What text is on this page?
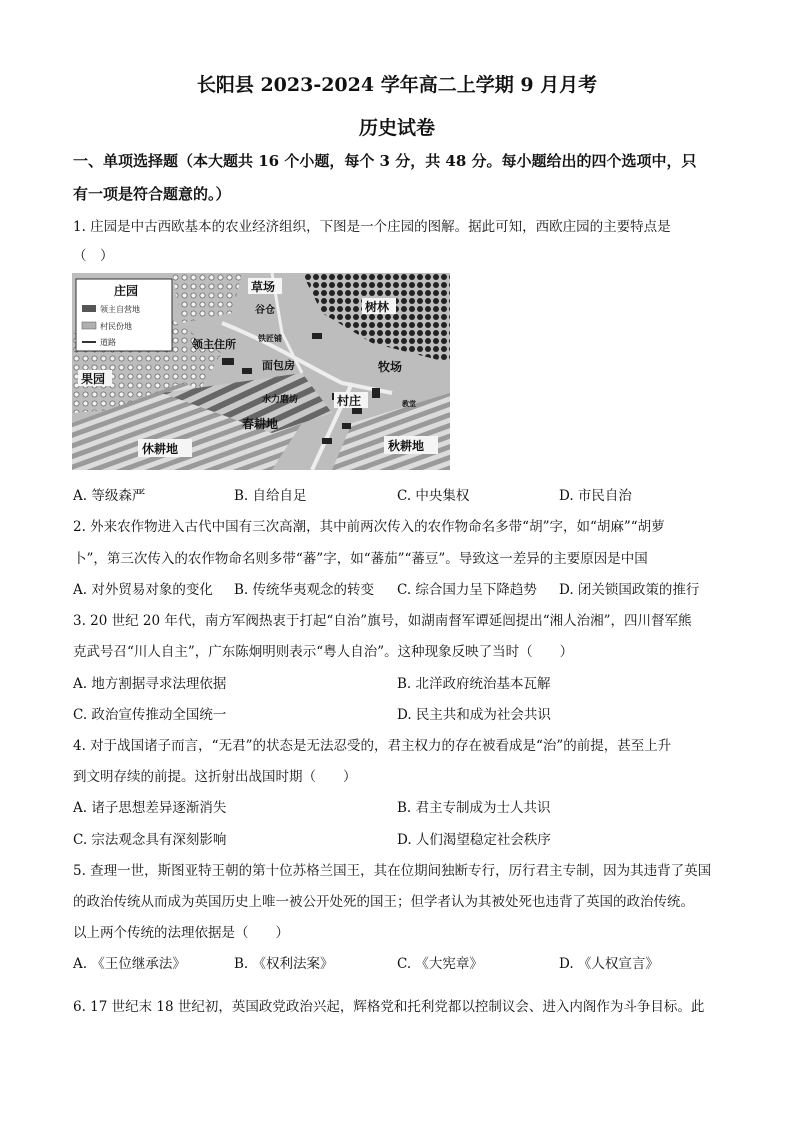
长阳县 2023-2024 学年高二上学期 9 月月考
历史试卷
一、单项选择题（本大题共 16 个小题，每个 3 分，共 48 分。每小题给出的四个选项中，只
有一项是符合题意的。）
1. 庄园是中古西欧基本的农业经济组织，下图是一个庄园的图解。据此可知，西欧庄园的主要特点是
（　）
庄园
领主自营地
村民份地
道路
草场
谷仓
铁匠铺
领主住所
树林
果园
面包房	牧场
水力磨坊	村庄	教堂
春耕地
休耕地	秋耕地
A. 等级森严	B. 自给自足	C. 中央集权	D. 市民自治
2. 外来农作物进入古代中国有三次高潮，其中前两次传入的农作物命名多带“胡”字，如“胡麻”“胡萝
卜”，第三次传入的农作物命名则多带“蕃”字，如“蕃茄”“蕃豆”。导致这一差异的主要原因是中国
A. 对外贸易对象的变化 B. 传统华夷观念的转变 C. 综合国力呈下降趋势 D. 闭关锁国政策的推行
3. 20 世纪 20 年代，南方军阀热衷于打起“自治”旗号，如湖南督军谭延闿提出“湘人治湘”，四川督军熊
克武号召“川人自主”，广东陈炯明则表示“粤人自治”。这种现象反映了当时（　　）
A. 地方割据寻求法理依据	B. 北洋政府统治基本瓦解
C. 政治宣传推动全国统一	D. 民主共和成为社会共识
4. 对于战国诸子而言，“无君”的状态是无法忍受的，君主权力的存在被看成是“治”的前提，甚至上升
到文明存续的前提。这折射出战国时期（　　）
A. 诸子思想差异逐渐消失	B. 君主专制成为士人共识
C. 宗法观念具有深刻影响	D. 人们渴望稳定社会秩序
5. 查理一世，斯图亚特王朝的第十位苏格兰国王，其在位期间独断专行，厉行君主专制，因为其违背了英国
的政治传统从而成为英国历史上唯一被公开处死的国王；但学者认为其被处死也违背了英国的政治传统。
以上两个传统的法理依据是（　　）
A. 《王位继承法》	B. 《权利法案》	C. 《大宪章》	D. 《人权宣言》
6. 17 世纪末 18 世纪初，英国政党政治兴起，辉格党和托利党都以控制议会、进入内阁作为斗争目标。此
